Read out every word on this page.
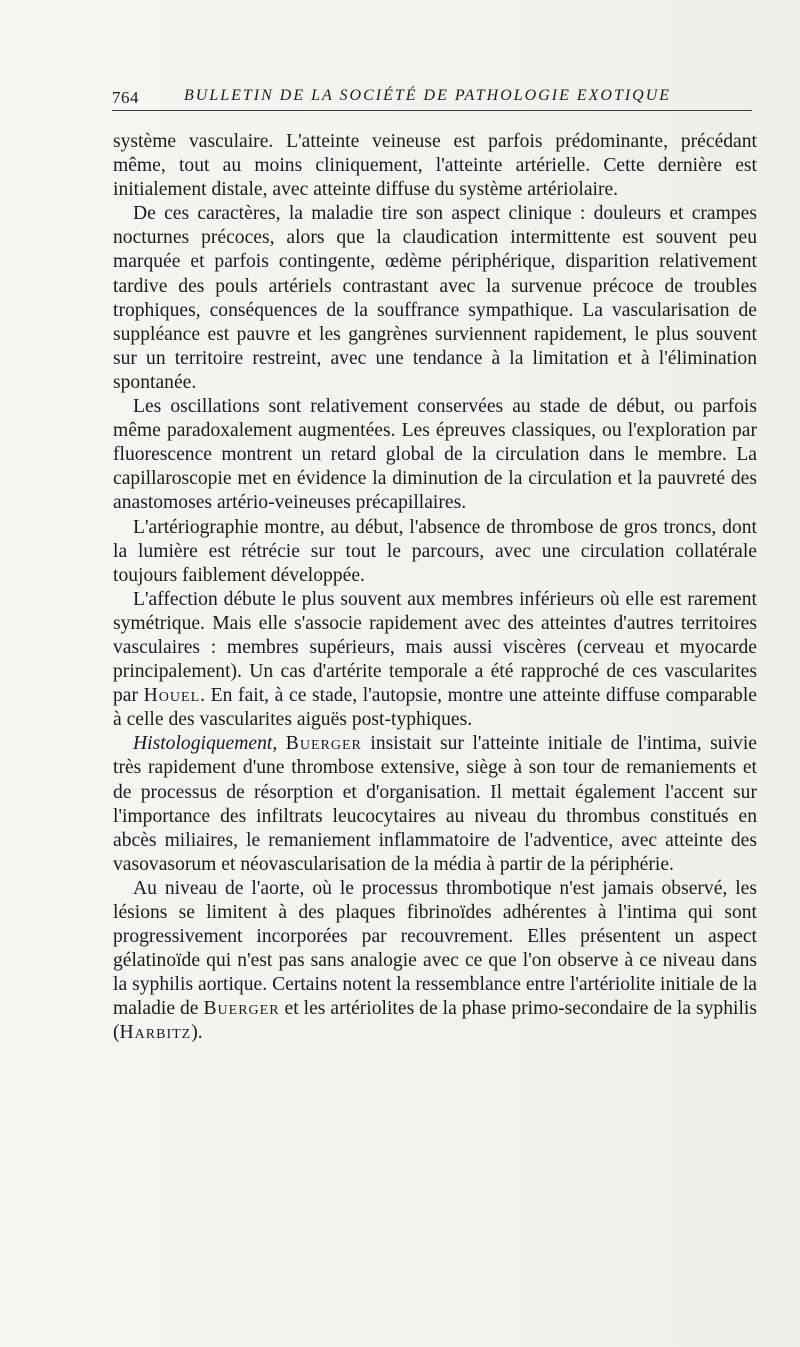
764	BULLETIN DE LA SOCIÉTÉ DE PATHOLOGIE EXOTIQUE

système vasculaire. L'atteinte veineuse est parfois prédominante, précédant même, tout au moins cliniquement, l'atteinte artérielle. Cette dernière est initialement distale, avec atteinte diffuse du système artériolaire.

De ces caractères, la maladie tire son aspect clinique : douleurs et crampes nocturnes précoces, alors que la claudication intermittente est souvent peu marquée et parfois contingente, œdème périphérique, disparition relativement tardive des pouls artériels contrastant avec la survenue précoce de troubles trophiques, conséquences de la souffrance sympathique. La vascularisation de suppléance est pauvre et les gangrènes surviennent rapidement, le plus souvent sur un territoire restreint, avec une tendance à la limitation et à l'élimination spontanée.

Les oscillations sont relativement conservées au stade de début, ou parfois même paradoxalement augmentées. Les épreuves classiques, ou l'exploration par fluorescence montrent un retard global de la circulation dans le membre. La capillaroscopie met en évidence la diminution de la circulation et la pauvreté des anastomoses artério-veineuses précapillaires.

L'artériographie montre, au début, l'absence de thrombose de gros troncs, dont la lumière est rétrécie sur tout le parcours, avec une circulation collatérale toujours faiblement développée.

L'affection débute le plus souvent aux membres inférieurs où elle est rarement symétrique. Mais elle s'associe rapidement avec des atteintes d'autres territoires vasculaires : membres supérieurs, mais aussi viscères (cerveau et myocarde principalement). Un cas d'artérite temporale a été rapproché de ces vascularites par Houel. En fait, à ce stade, l'autopsie, montre une atteinte diffuse comparable à celle des vascularites aiguës post-typhiques.

Histologiquement, Buerger insistait sur l'atteinte initiale de l'intima, suivie très rapidement d'une thrombose extensive, siège à son tour de remaniements et de processus de résorption et d'organisation. Il mettait également l'accent sur l'importance des infiltrats leucocytaires au niveau du thrombus constitués en abcès miliaires, le remaniement inflammatoire de l'adventice, avec atteinte des vasovasorum et néovascularisation de la média à partir de la périphérie.

Au niveau de l'aorte, où le processus thrombotique n'est jamais observé, les lésions se limitent à des plaques fibrinoïdes adhérentes à l'intima qui sont progressivement incorporées par recouvrement. Elles présentent un aspect gélatinoïde qui n'est pas sans analogie avec ce que l'on observe à ce niveau dans la syphilis aortique. Certains notent la ressemblance entre l'artériolite initiale de la maladie de Buerger et les artériolites de la phase primo-secondaire de la syphilis (Harbitz).
